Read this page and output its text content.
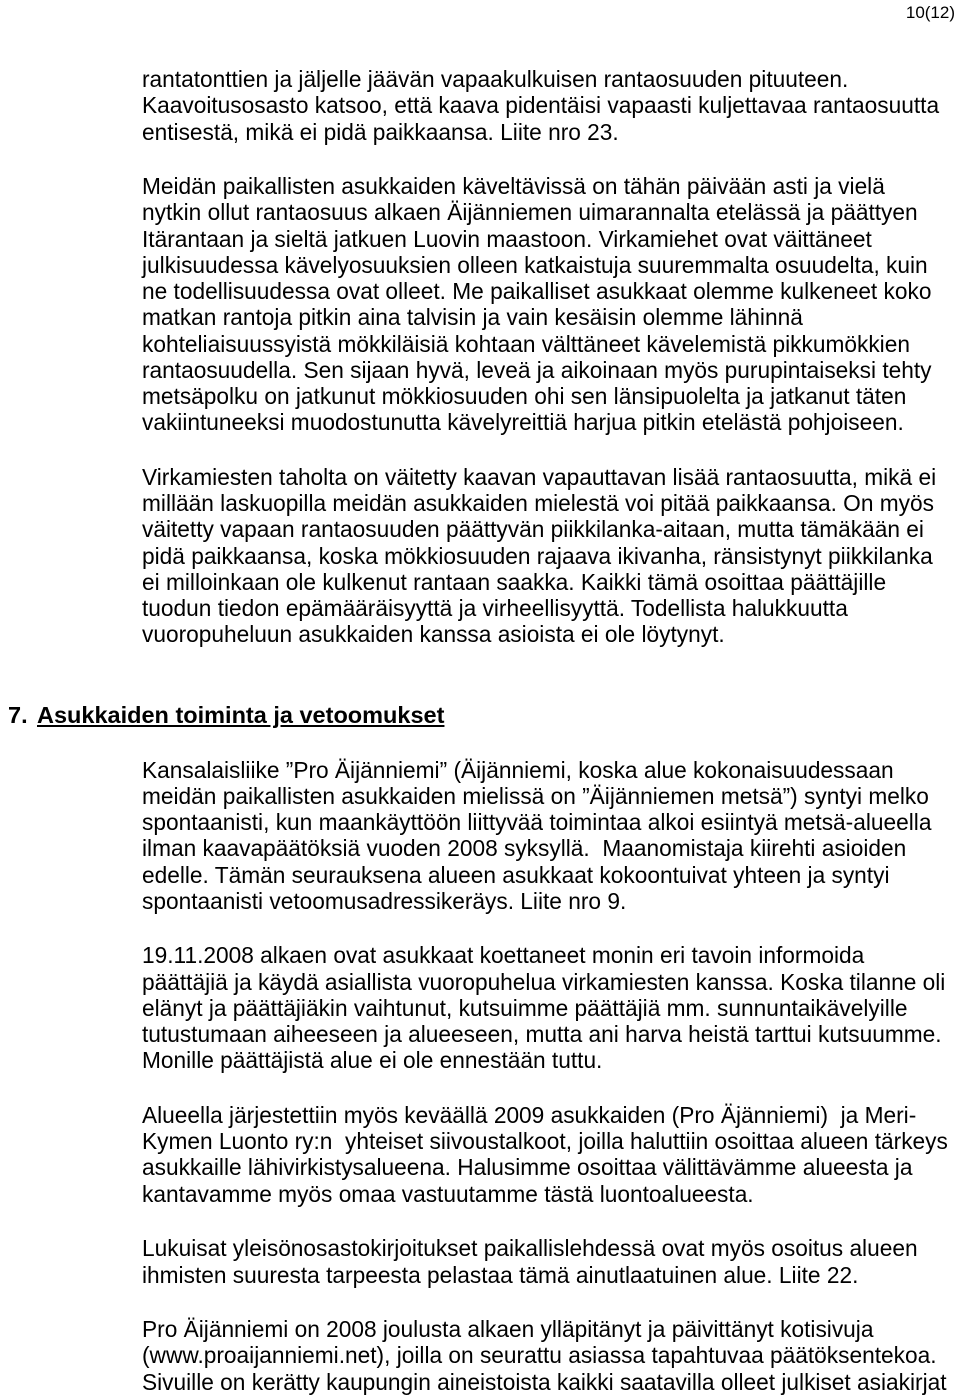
10(12)
rantatonttien ja jäljelle jäävän vapaakulkuisen rantaosuuden pituuteen.
Kaavoitusosasto katsoo, että kaava pidentäisi vapaasti kuljettavaa rantaosuutta
entisestä, mikä ei pidä paikkaansa. Liite nro 23.
Meidän paikallisten asukkaiden käveltävissä on tähän päivään asti ja vielä
nytkin ollut rantaosuus alkaen Äijänniemen uimarannalta etelässä ja päättyen
Itärantaan ja sieltä jatkuen Luovin maastoon. Virkamiehet ovat väittäneet
julkisuudessa kävelyosuuksien olleen katkaistuja suuremmalta osuudelta, kuin
ne todellisuudessa ovat olleet. Me paikalliset asukkaat olemme kulkeneet koko
matkan rantoja pitkin aina talvisin ja vain kesäisin olemme lähinnä
kohteliaisuussyistä mökkiläisiä kohtaan välttäneet kävelemistä pikkumökkien
rantaosuudella. Sen sijaan hyvä, leveä ja aikoinaan myös purupintaiseksi tehty
metsäpolku on jatkunut mökkiosuuden ohi sen länsipuolelta ja jatkanut täten
vakiintuneeksi muodostunutta kävelyreittiä harjua pitkin etelästä pohjoiseen.
Virkamiesten taholta on väitetty kaavan vapauttavan lisää rantaosuutta, mikä ei
millään laskuopilla meidän asukkaiden mielestä voi pitää paikkaansa. On myös
väitetty vapaan rantaosuuden päättyvän piikkilanka-aitaan, mutta tämäkään ei
pidä paikkaansa, koska mökkiosuuden rajaava ikivanha, ränsistynyt piikkilanka
ei milloinkaan ole kulkenut rantaan saakka. Kaikki tämä osoittaa päättäjille
tuodun tiedon epämääräisyyttä ja virheellisyyttä. Todellista halukkuutta
vuoropuheluun asukkaiden kanssa asioista ei ole löytynyt.

7.

Asukkaiden toiminta ja vetoomukset

Kansalaisliike ”Pro Äijänniemi” (Äijänniemi, koska alue kokonaisuudessaan
meidän paikallisten asukkaiden mielissä on ”Äijänniemen metsä”) syntyi melko
spontaanisti, kun maankäyttöön liittyvää toimintaa alkoi esiintyä metsä-alueella
ilman kaavapäätöksiä vuoden 2008 syksyllä.  Maanomistaja kiirehti asioiden
edelle. Tämän seurauksena alueen asukkaat kokoontuivat yhteen ja syntyi
spontaanisti vetoomusadressikeräys. Liite nro 9.
19.11.2008 alkaen ovat asukkaat koettaneet monin eri tavoin informoida
päättäjiä ja käydä asiallista vuoropuhelua virkamiesten kanssa. Koska tilanne oli
elänyt ja päättäjiäkin vaihtunut, kutsuimme päättäjiä mm. sunnuntaikävelyille
tutustumaan aiheeseen ja alueeseen, mutta ani harva heistä tarttui kutsuumme.
Monille päättäjistä alue ei ole ennestään tuttu.
Alueella järjestettiin myös keväällä 2009 asukkaiden (Pro Äjänniemi)  ja Meri-
Kymen Luonto ry:n  yhteiset siivoustalkoot, joilla haluttiin osoittaa alueen tärkeys
asukkaille lähivirkistysalueena. Halusimme osoittaa välittävämme alueesta ja
kantavamme myös omaa vastuutamme tästä luontoalueesta.
Lukuisat yleisönosastokirjoitukset paikallislehdessä ovat myös osoitus alueen
ihmisten suuresta tarpeesta pelastaa tämä ainutlaatuinen alue. Liite 22.
Pro Äijänniemi on 2008 joulusta alkaen ylläpitänyt ja päivittänyt kotisivuja
(www.proaijanniemi.net), joilla on seurattu asiassa tapahtuvaa päätöksentekoa.
Sivuille on kerätty kaupungin aineistoista kaikki saatavilla olleet julkiset asiakirjat
